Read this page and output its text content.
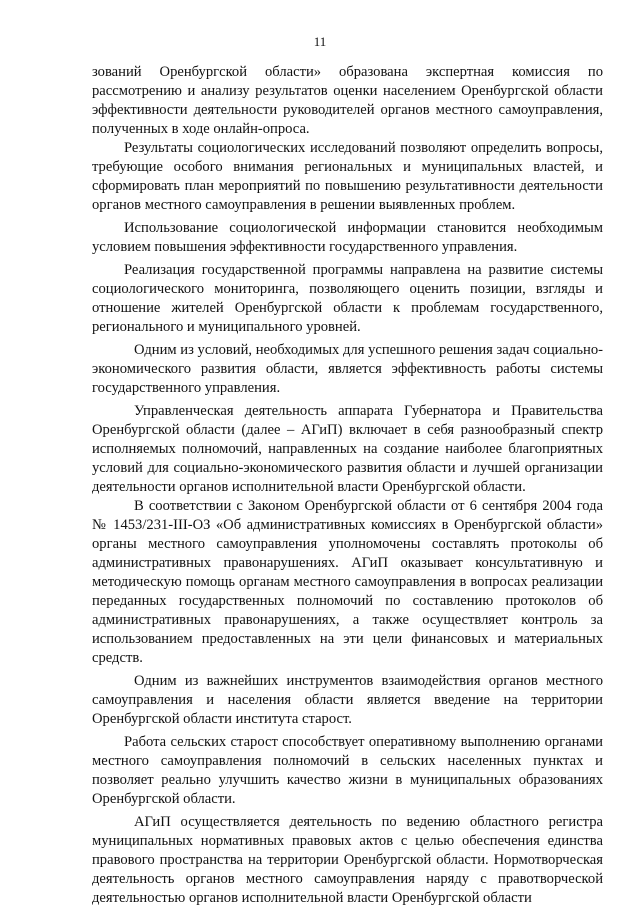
11

зований Оренбургской области» образована экспертная комиссия по рассмотрению и анализу результатов оценки населением Оренбургской области эффективности деятельности руководителей органов местного самоуправления, полученных в ходе онлайн-опроса.

Результаты социологических исследований позволяют определить вопросы, требующие особого внимания региональных и муниципальных властей, и сформировать план мероприятий по повышению результативности деятельности органов местного самоуправления в решении выявленных проблем.

Использование социологической информации становится необходимым условием повышения эффективности государственного управления.

Реализация государственной программы направлена на развитие системы социологического мониторинга, позволяющего оценить позиции, взгляды и отношение жителей Оренбургской области к проблемам государственного, регионального и муниципального уровней.

Одним из условий, необходимых для успешного решения задач социально-экономического развития области, является эффективность работы системы государственного управления.

Управленческая деятельность аппарата Губернатора и Правительства Оренбургской области (далее – АГиП) включает в себя разнообразный спектр исполняемых полномочий, направленных на создание наиболее благоприятных условий для социально-экономического развития области и лучшей организации деятельности органов исполнительной власти Оренбургской области.

В соответствии с Законом Оренбургской области от 6 сентября 2004 года № 1453/231-III-ОЗ «Об административных комиссиях в Оренбургской области» органы местного самоуправления уполномочены составлять протоколы об административных правонарушениях. АГиП оказывает консультативную и методическую помощь органам местного самоуправления в вопросах реализации переданных государственных полномочий по составлению протоколов об административных правонарушениях, а также осуществляет контроль за использованием предоставленных на эти цели финансовых и материальных средств.

Одним из важнейших инструментов взаимодействия органов местного самоуправления и населения области является введение на территории Оренбургской области института старост.

Работа сельских старост способствует оперативному выполнению органами местного самоуправления полномочий в сельских населенных пунктах и позволяет реально улучшить качество жизни в муниципальных образованиях Оренбургской области.

АГиП осуществляется деятельность по ведению областного регистра муниципальных нормативных правовых актов с целью обеспечения единства правового пространства на территории Оренбургской области. Нормотворческая деятельность органов местного самоуправления наряду с правотворческой деятельностью органов исполнительной власти Оренбургской области
